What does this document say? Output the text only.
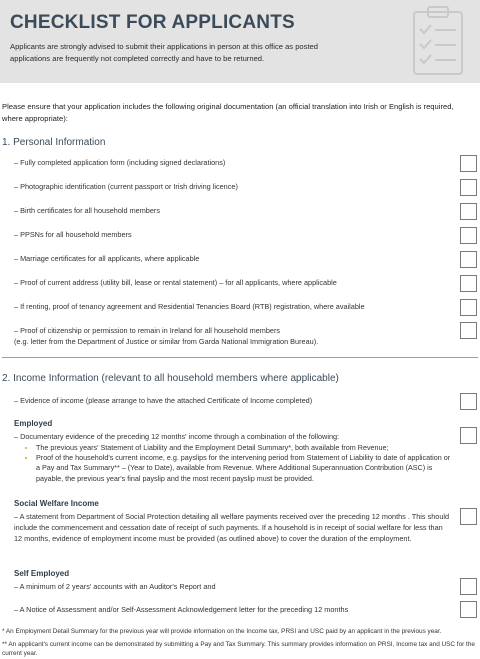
CHECKLIST FOR APPLICANTS

Applicants are strongly advised to submit their applications in person at this office as posted applications are frequently not completed correctly and have to be returned.

Please ensure that your application includes the following original documentation (an official translation into Irish or English is required, where appropriate):

1. Personal Information
– Fully completed application form (including signed declarations)
– Photographic identification (current passport or Irish driving licence)
– Birth certificates for all household members
– PPSNs for all household members
– Marriage certificates for all applicants, where applicable
– Proof of current address (utility bill, lease or rental statement) – for all applicants, where applicable
– If renting, proof of tenancy agreement and Residential Tenancies Board (RTB) registration, where available
– Proof of citizenship or permission to remain in Ireland for all household members
(e.g. letter from the Department of Justice or similar from Garda National Immigration Bureau).
2. Income Information (relevant to all household members where applicable)
– Evidence of income (please arrange to have the attached Certificate of Income completed)
Employed
– Documentary evidence of the preceding 12 months' income through a combination of the following:
• The previous years' Statement of Liability and the Employment Detail Summary*, both available from Revenue;
• Proof of the household's current income, e.g. payslips for the intervening period from Statement of Liability to date of application or a Pay and Tax Summary** – (Year to Date), available from Revenue. Where Additional Superannuation Contribution (ASC) is payable, the previous year's final payslip and the most recent payslip must be provided.
Social Welfare Income
– A statement from Department of Social Protection detailing all welfare payments received over the preceding 12 months . This should include the commencement and cessation date of receipt of such payments. If a household is in receipt of social welfare for less than 12 months, evidence of employment income must be provided (as outlined above) to cover the duration of the employment.
Self Employed
– A minimum of 2 years' accounts with an Auditor's Report and
– A Notice of Assessment and/or Self-Assessment Acknowledgement letter for the preceding 12 months
* An Employment Detail Summary for the previous year will provide information on the Income tax, PRSI and USC paid by an applicant in the previous year.
** An applicant's current income can be demonstrated by submitting a Pay and Tax Summary. This summary provides information on PRSI, Income tax and USC for the current year.
